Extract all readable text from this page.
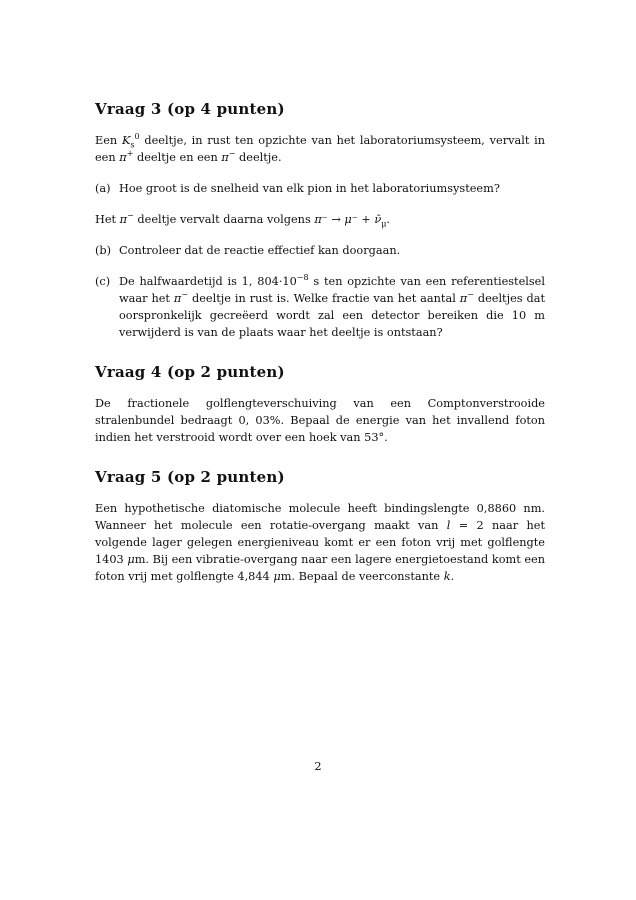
Vraag 3 (op 4 punten)

Een $K_s^0$ deeltje, in rust ten opzichte van het laboratoriumsysteem, vervalt in een π+ deeltje en een π− deeltje.

(a) Hoe groot is de snelheid van elk pion in het laboratoriumsysteem?

Het π− deeltje vervalt daarna volgens $\pi^- \to \mu^- + \nū_\mu$.

(b) Controleer dat de reactie effectief kan doorgaan.
(c) De halfwaardetijd is 1, $804\cdot 10^{-8}$ s ten opzichte van een referentiestelsel waar het π− deeltje in rust is. Welke fractie van het aantal π− deeltjes dat oorspronkelijk gecreëerd wordt zal een detector bereiken die 10 m verwijderd is van de plaats waar het deeltje is ontstaan?
Vraag 4 (op 2 punten)

De fractionele golflengteverschuiving van een Comptonverstrooide stralenbundel bedraagt 0, 03%. Bepaal de energie van het invallend foton indien het verstrooid wordt over een hoek van 53°.

Vraag 5 (op 2 punten)

Een hypothetische diatomische molecule heeft bindingslengte 0,8860 nm. Wanneer het molecule een rotatie-overgang maakt van l = 2 naar het volgende lager gelegen energieniveau komt er een foton vrij met golflengte 1403 μm. Bij een vibratie-overgang naar een lagere energietoestand komt een foton vrij met golflengte 4,844 μm. Bepaal de veerconstante k.

2
